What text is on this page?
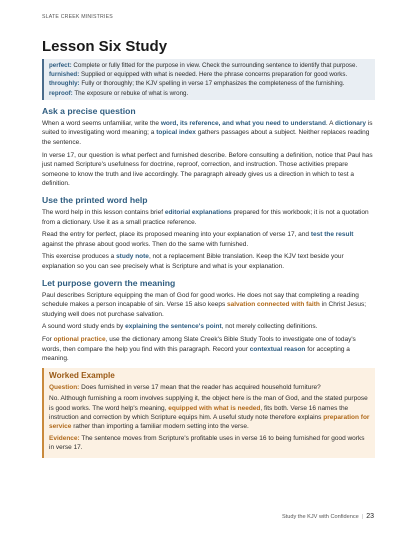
SLATE CREEK MINISTRIES
Lesson Six Study

perfect: Complete or fully fitted for the purpose in view. Check the surrounding sentence to identify that purpose.

furnished: Supplied or equipped with what is needed. Here the phrase concerns preparation for good works.

throughly: Fully or thoroughly; the KJV spelling in verse 17 emphasizes the completeness of the furnishing.

reproof: The exposure or rebuke of what is wrong.

Ask a precise question

When a word seems unfamiliar, write the word, its reference, and what you need to understand. A dictionary is suited to investigating word meaning; a topical index gathers passages about a subject. Neither replaces reading the sentence.

In verse 17, our question is what perfect and furnished describe. Before consulting a definition, notice that Paul has just named Scripture's usefulness for doctrine, reproof, correction, and instruction. Those activities prepare someone to know the truth and live accordingly. The paragraph already gives us a direction in which to test a definition.

Use the printed word help

The word help in this lesson contains brief editorial explanations prepared for this workbook; it is not a quotation from a dictionary. Use it as a small practice reference.

Read the entry for perfect, place its proposed meaning into your explanation of verse 17, and test the result against the phrase about good works. Then do the same with furnished.

This exercise produces a study note, not a replacement Bible translation. Keep the KJV text beside your explanation so you can see precisely what is Scripture and what is your explanation.

Let purpose govern the meaning

Paul describes Scripture equipping the man of God for good works. He does not say that completing a reading schedule makes a person incapable of sin. Verse 15 also keeps salvation connected with faith in Christ Jesus; studying well does not purchase salvation.

A sound word study ends by explaining the sentence's point, not merely collecting definitions.

For optional practice, use the dictionary among Slate Creek's Bible Study Tools to investigate one of today's words, then compare the help you find with this paragraph. Record your contextual reason for accepting a meaning.

Worked Example

Question: Does furnished in verse 17 mean that the reader has acquired household furniture?

No. Although furnishing a room involves supplying it, the object here is the man of God, and the stated purpose is good works. The word help's meaning, equipped with what is needed, fits both. Verse 16 names the instruction and correction by which Scripture equips him. A useful study note therefore explains preparation for service rather than importing a familiar modern setting into the verse.

Evidence: The sentence moves from Scripture's profitable uses in verse 16 to being furnished for good works in verse 17.

Study the KJV with Confidence | 23
